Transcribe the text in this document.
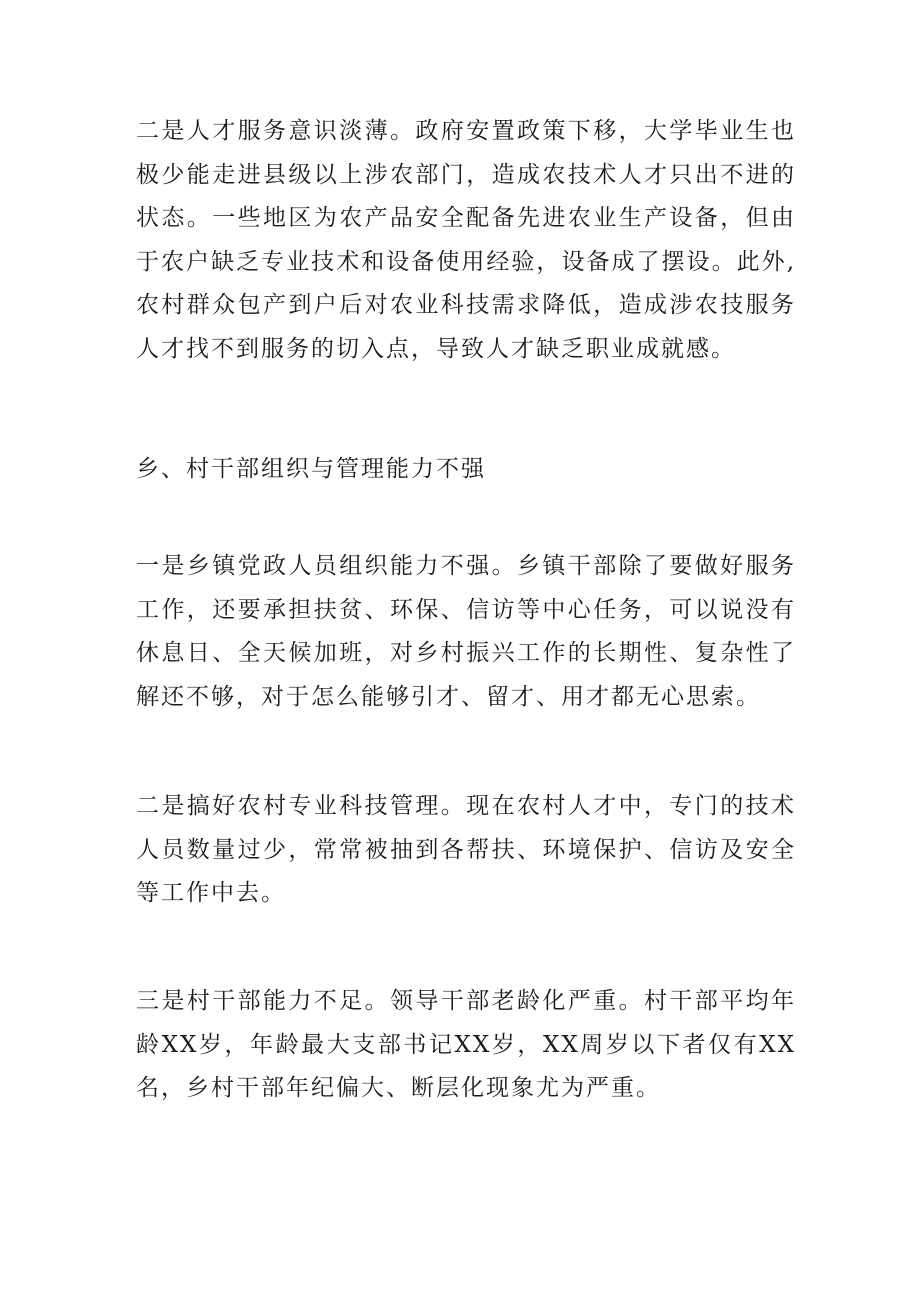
二是人才服务意识淡薄。政府安置政策下移，大学毕业生也极少能走进县级以上涉农部门，造成农技术人才只出不进的状态。一些地区为农产品安全配备先进农业生产设备，但由于农户缺乏专业技术和设备使用经验，设备成了摆设。此外,农村群众包产到户后对农业科技需求降低，造成涉农技服务人才找不到服务的切入点，导致人才缺乏职业成就感。

乡、村干部组织与管理能力不强

一是乡镇党政人员组织能力不强。乡镇干部除了要做好服务工作，还要承担扶贫、环保、信访等中心任务，可以说没有休息日、全天候加班，对乡村振兴工作的长期性、复杂性了解还不够，对于怎么能够引才、留才、用才都无心思索。

二是搞好农村专业科技管理。现在农村人才中，专门的技术人员数量过少，常常被抽到各帮扶、环境保护、信访及安全等工作中去。

三是村干部能力不足。领导干部老龄化严重。村干部平均年龄XX岁，年龄最大支部书记XX岁，XX周岁以下者仅有XX名，乡村干部年纪偏大、断层化现象尤为严重。
